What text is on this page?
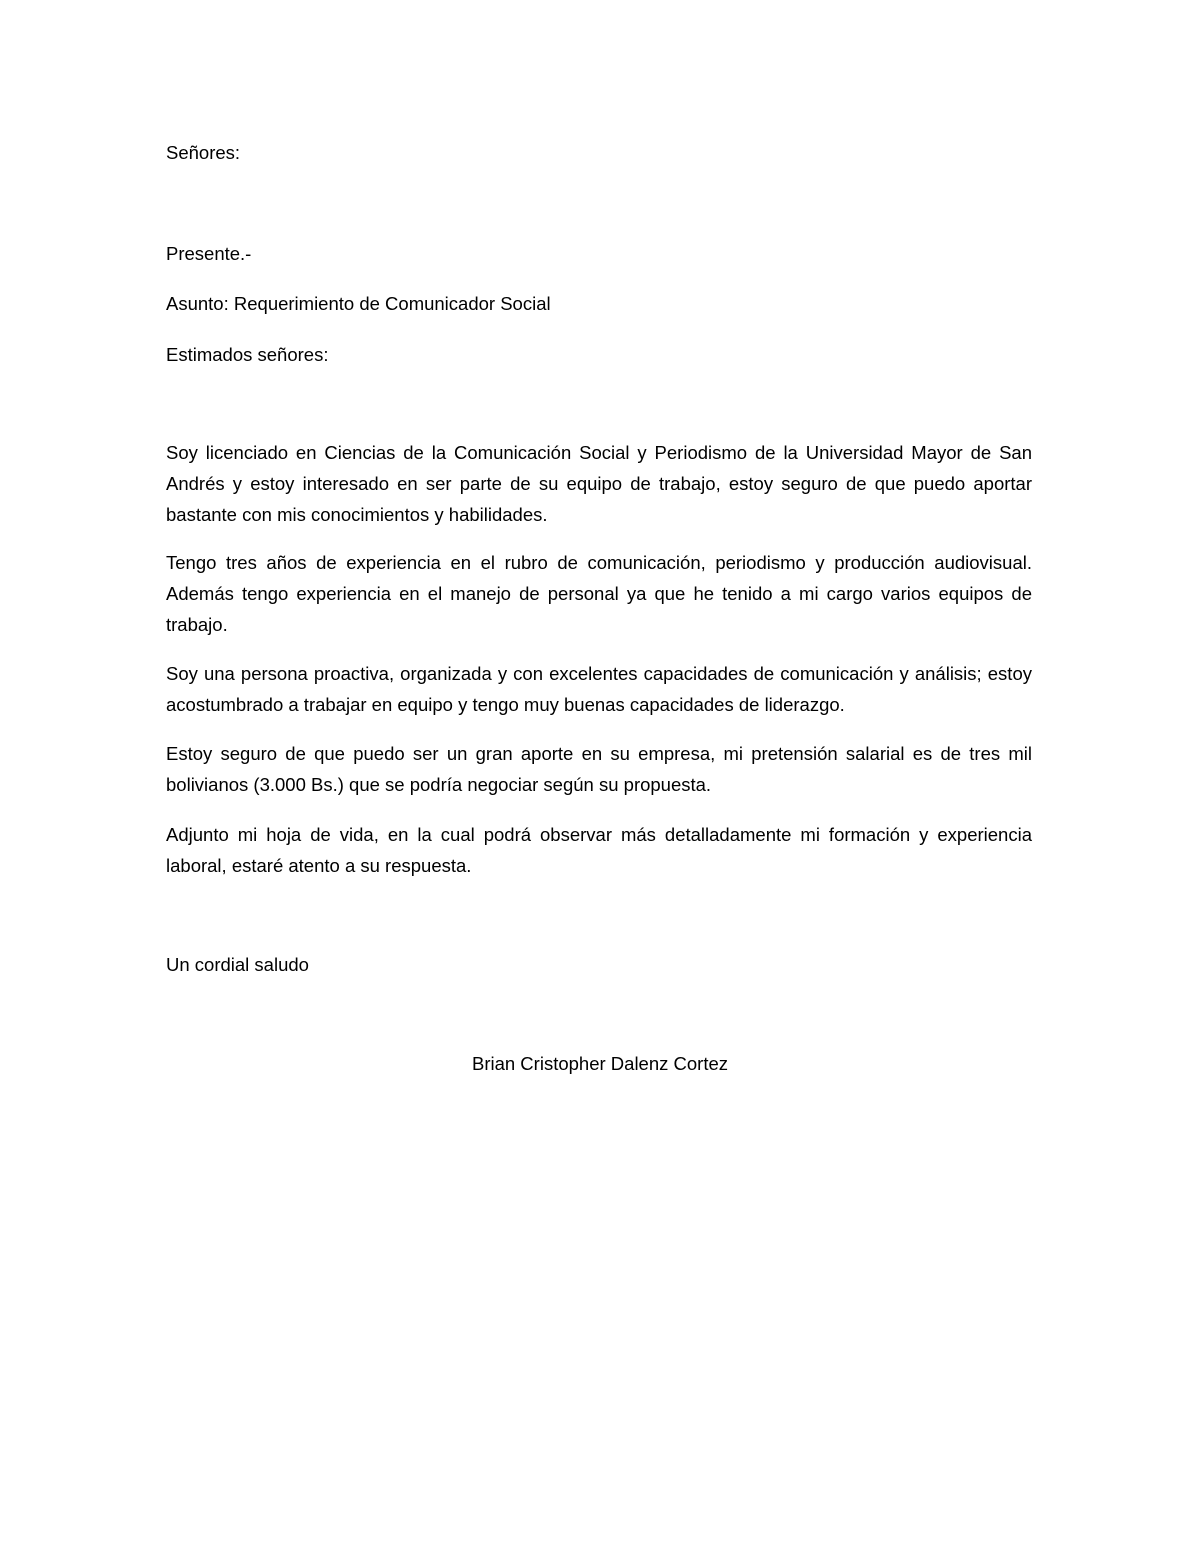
Señores:

Presente.-

Asunto: Requerimiento de Comunicador Social

Estimados señores:

Soy licenciado en Ciencias de la Comunicación Social y Periodismo de la Universidad Mayor de San Andrés y estoy interesado en ser parte de su equipo de trabajo, estoy seguro de que puedo aportar bastante con mis conocimientos y habilidades.

Tengo tres años de experiencia en el rubro de comunicación, periodismo y producción audiovisual. Además tengo experiencia en el manejo de personal ya que he tenido a mi cargo varios equipos de trabajo.

Soy una persona proactiva, organizada y con excelentes capacidades de comunicación y análisis; estoy acostumbrado a trabajar en equipo y tengo muy buenas capacidades de liderazgo.

Estoy seguro de que puedo ser un gran aporte en su empresa, mi pretensión salarial es de tres mil bolivianos (3.000 Bs.) que se podría negociar según su propuesta.

Adjunto mi hoja de vida, en la cual podrá observar más detalladamente mi formación y experiencia laboral, estaré atento a su respuesta.

Un cordial saludo

Brian Cristopher Dalenz Cortez
